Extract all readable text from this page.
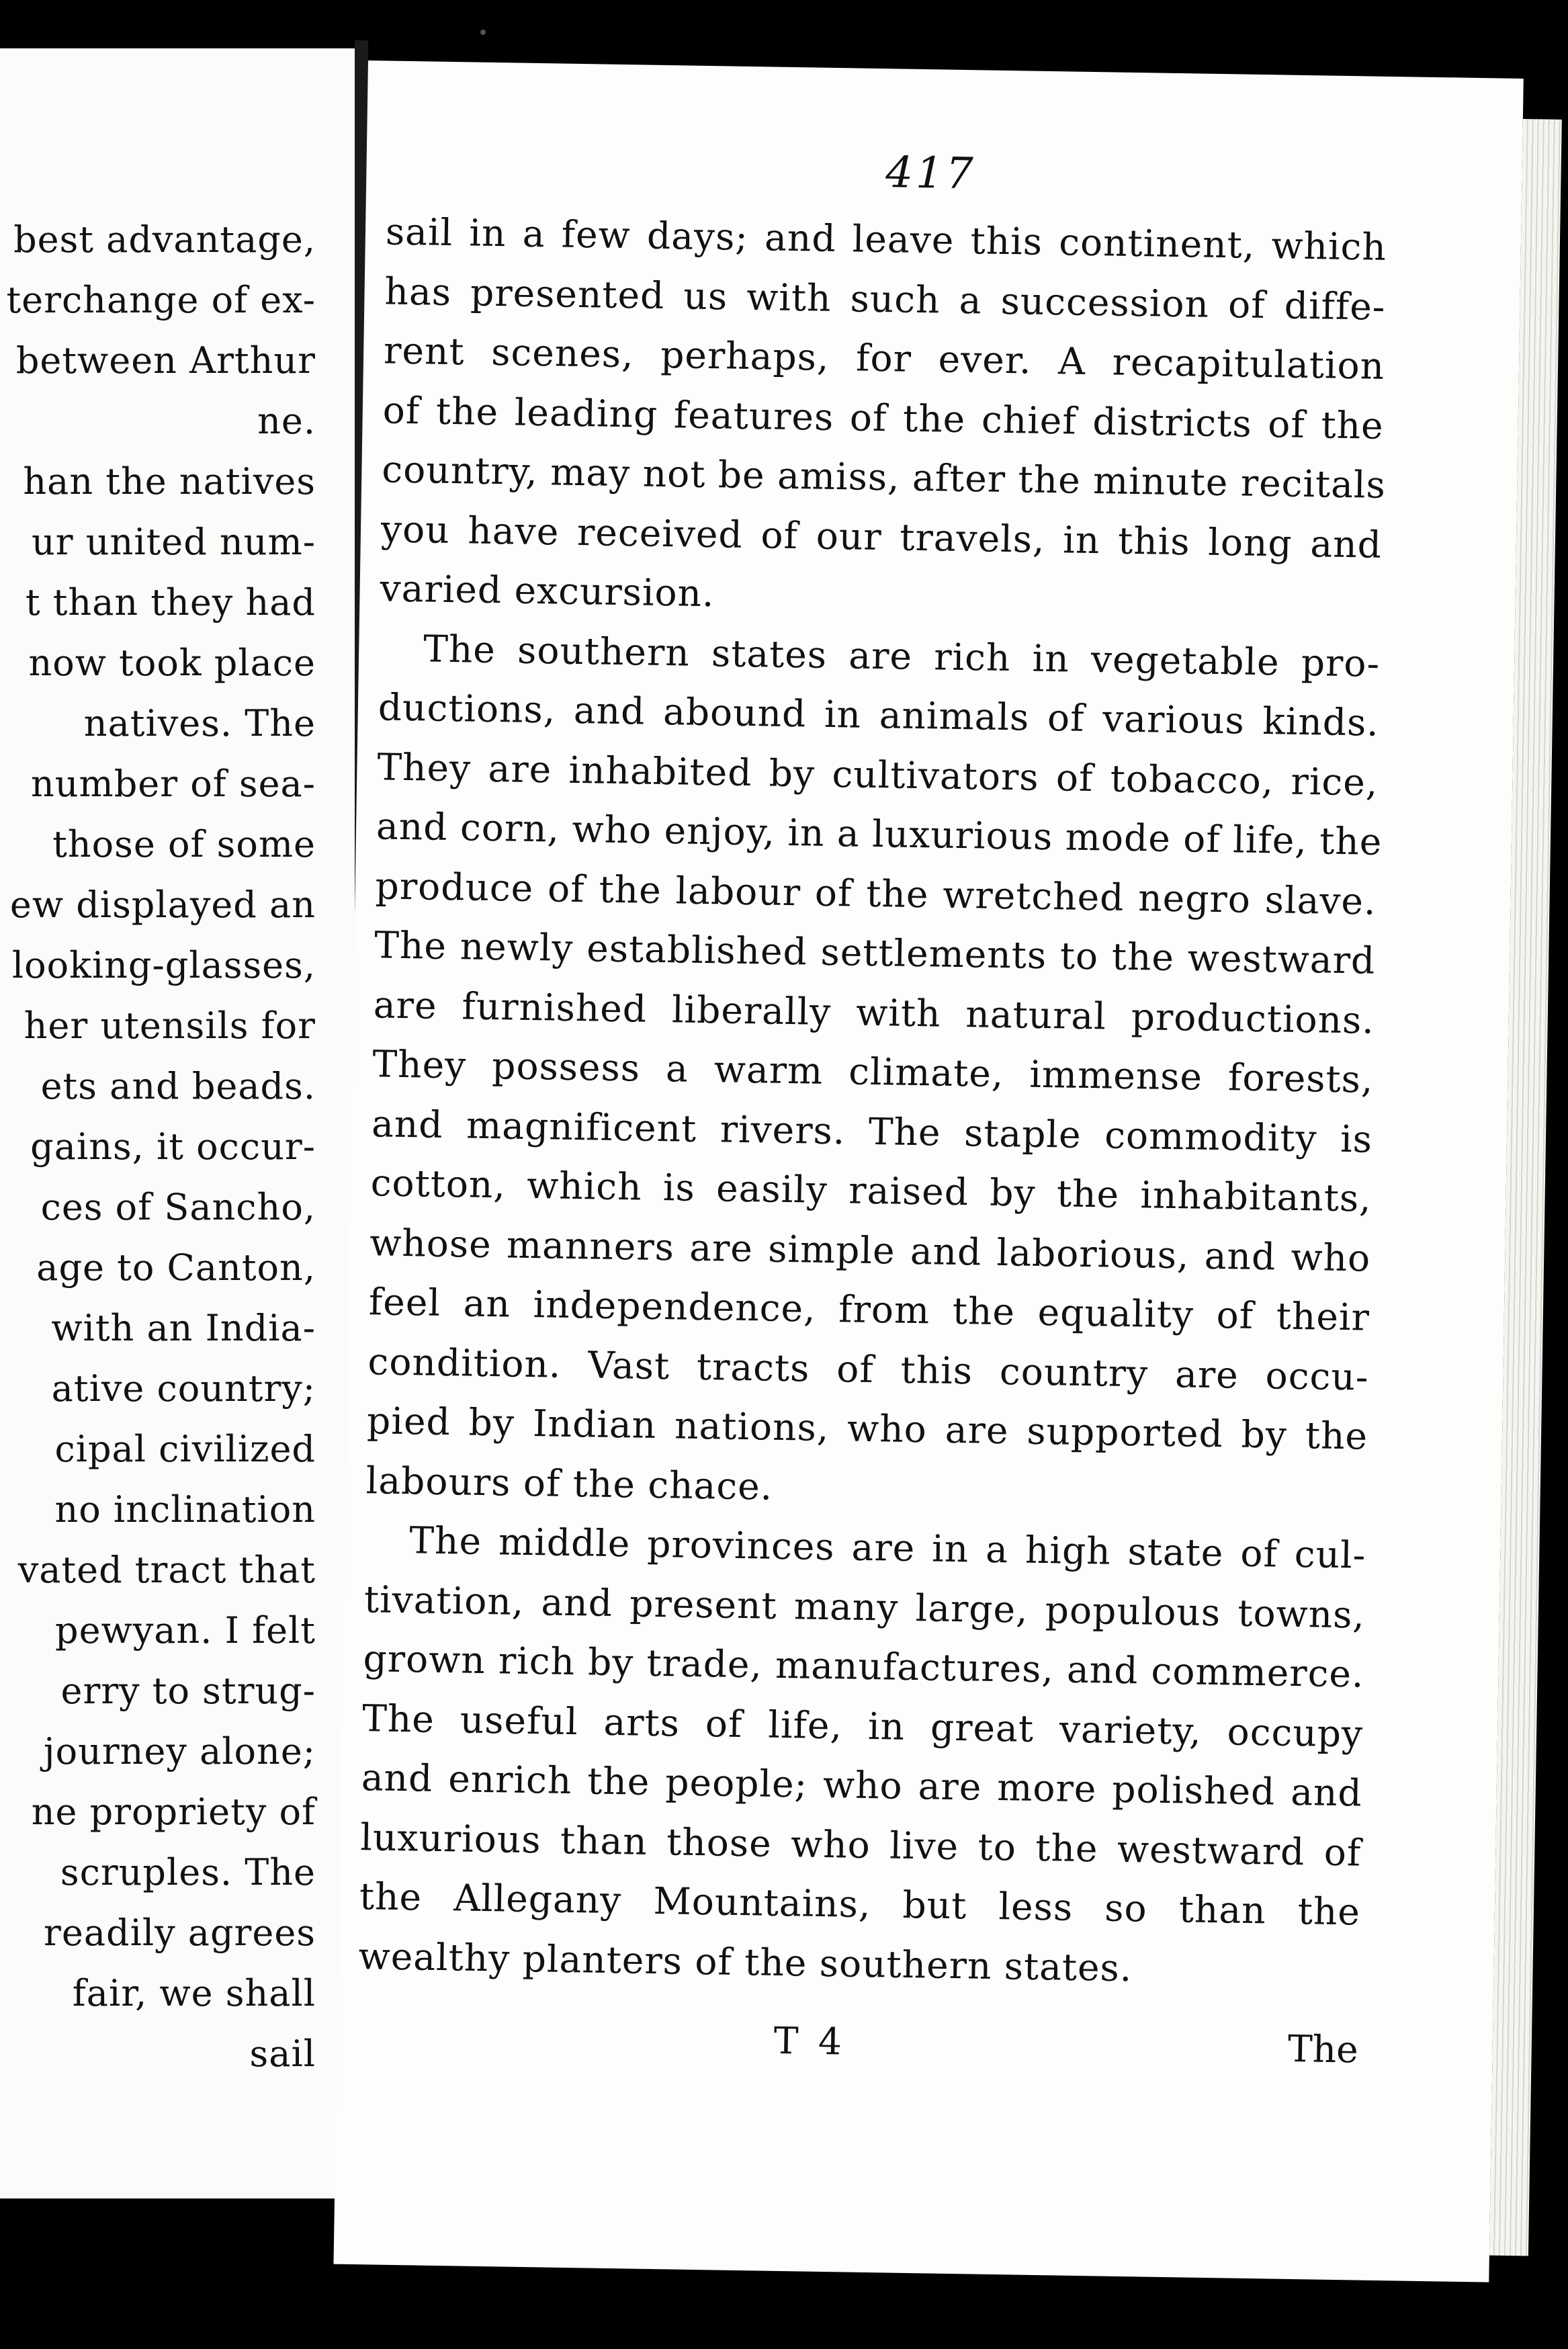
best advantage,
terchange of ex-
between Arthur
ne.
han the natives
ur united num-
t than they had
now took place
natives. The
number of sea-
those of some
ew displayed an
looking-glasses,
her utensils for
ets and beads.
gains, it occur-
ces of Sancho,
age to Canton,
with an India-
ative country;
cipal civilized
no inclination
vated tract that
pewyan. I felt
erry to strug-
journey alone;
ne propriety of
scruples. The
readily agrees
fair, we shall
sail
417
sail in a few days; and leave this continent, which
has presented us with such a succession of diffe-
rent scenes, perhaps, for ever. A recapitulation
of the leading features of the chief districts of the
country, may not be amiss, after the minute recitals
you have received of our travels, in this long and
varied excursion.
The southern states are rich in vegetable pro-
ductions, and abound in animals of various kinds.
They are inhabited by cultivators of tobacco, rice,
and corn, who enjoy, in a luxurious mode of life, the
produce of the labour of the wretched negro slave.
The newly established settlements to the westward
are furnished liberally with natural productions.
They possess a warm climate, immense forests,
and magnificent rivers. The staple commodity is
cotton, which is easily raised by the inhabitants,
whose manners are simple and laborious, and who
feel an independence, from the equality of their
condition. Vast tracts of this country are occu-
pied by Indian nations, who are supported by the
labours of the chace.
The middle provinces are in a high state of cul-
tivation, and present many large, populous towns,
grown rich by trade, manufactures, and commerce.
The useful arts of life, in great variety, occupy
and enrich the people; who are more polished and
luxurious than those who live to the westward of
the Allegany Mountains, but less so than the
wealthy planters of the southern states.
T 4	The
